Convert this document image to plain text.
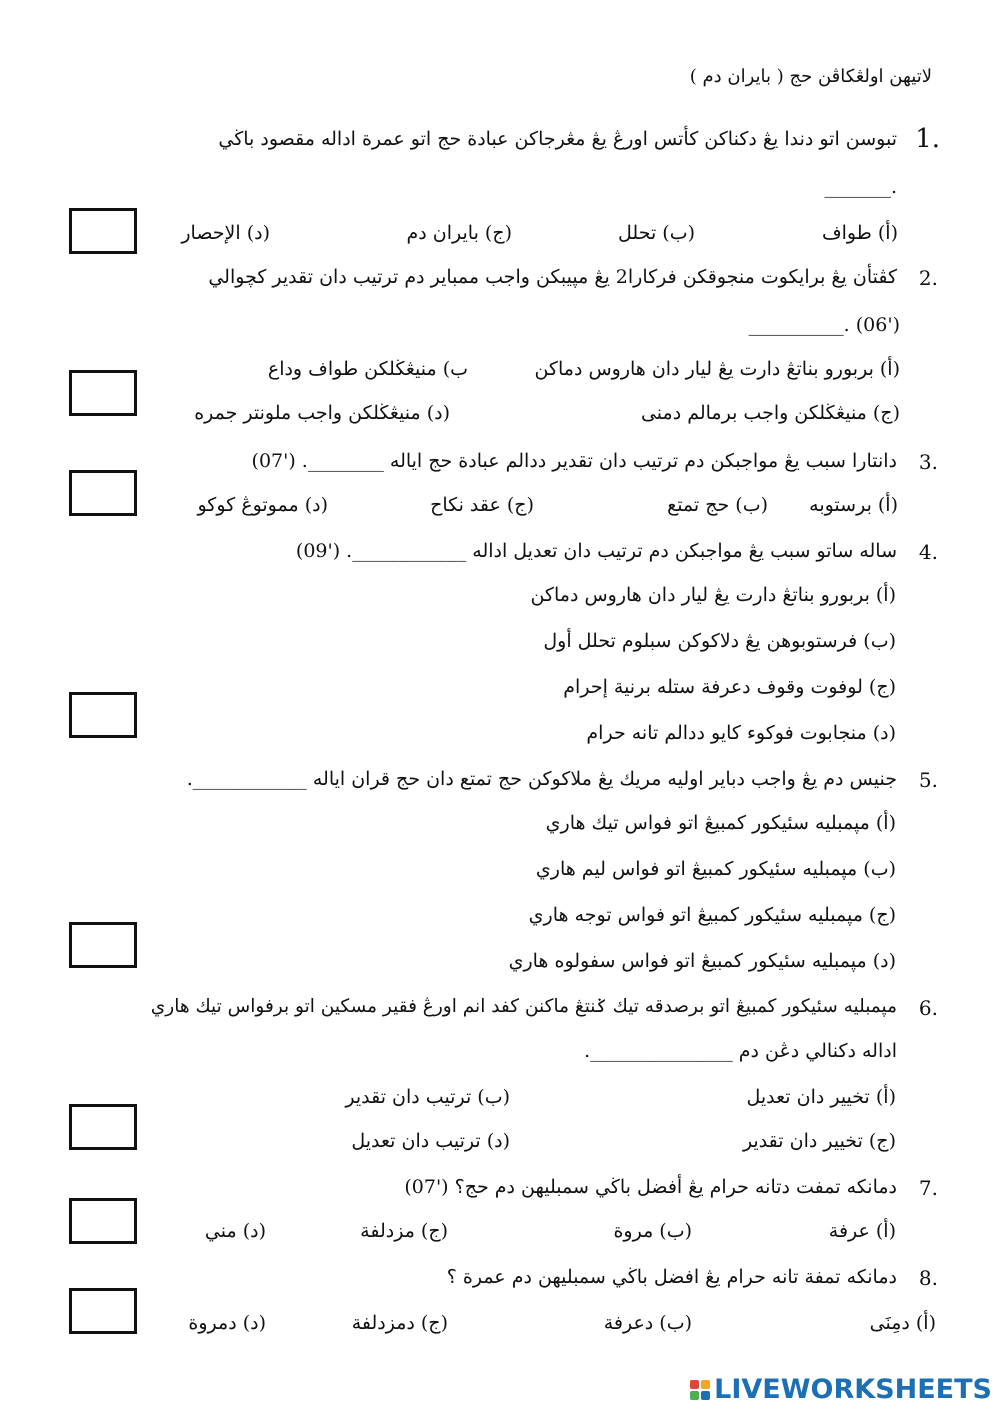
لاتيهن اولڠكاڤن حج ( بايران دم )
1.
تبوسن اتو دندا يڠ دكناكن كأتس اورڠ يڠ مڠرجاكن عبادة حج اتو عمرة اداله مقصود باڬي
._______
(أ) طواف
(ب) تحلل
(ج) بايران دم
(د) الإحصار
2.
كڤتأن يڠ برايكوت منجوقكن فركارا2 يڠ مپيبكن واجب ممباير دم ترتيب دان تقدير كچوالي
('06) .__________
(أ) بربورو بناتڠ دارت يڠ ليار دان هاروس دماكن
ب) منيڠڬلكن طواف وداع
(ج) منيڠڬلكن واجب برمالم دمنى
(د) منيڠڬلكن واجب ملونتر جمره
3.
دانتارا سبب يڠ مواجبكن دم ترتيب دان تقدير ددالم عبادة حج اياله ________. ('07)
(أ) برستوبه
(ب) حج تمتع
(ج) عقد نكاح
(د) مموتوڠ كوكو
4.
ساله ساتو سبب يڠ مواجبكن دم ترتيب دان تعديل اداله ____________. ('09)
(أ) بربورو بناتڠ دارت يڠ ليار دان هاروس دماكن
(ب) فرستوبوهن يڠ دلاكوكن سبلوم تحلل أول
(ج) لوفوت وقوف دعرفة ستله برنية إحرام
(د) منجابوت فوكوء كايو ددالم تانه حرام
5.
جنيس دم يڠ واجب دباير اوليه مريك يڠ ملاكوكن حج تمتع دان حج قران اياله ____________.
(أ) مپمبليه سئيكور كمبيڠ اتو فواس تيك هاري
(ب) مپمبليه سئيكور كمبيڠ اتو فواس ليم هاري
(ج) مپمبليه سئيكور كمبيڠ اتو فواس توجه هاري
(د) مپمبليه سئيكور كمبيڠ اتو فواس سفولوه هاري
6.
مپمبليه سئيكور كمبيڠ اتو برصدقه تيك ݢنتڠ ماكنن كفد انم اورڠ فقير مسكين اتو برفواس تيك هاري
اداله دكنالي دڠن دم _______________.
(أ) تخيير دان تعديل
(ب) ترتيب دان تقدير
(ج) تخيير دان تقدير
(د) ترتيب دان تعديل
7.
دمانكه تمفت دتانه حرام يڠ أفضل باڬي سمبليهن دم حج؟ ('07)
(أ) عرفة
(ب) مروة
(ج) مزدلفة
(د) مني
8.
دمانكه تمفة تانه حرام يڠ افضل باڬي سمبليهن دم عمرة ؟
(أ) دمِنَى
(ب) دعرفة
(ج) دمزدلفة
(د) دمروة
LIVEWORKSHEETS
